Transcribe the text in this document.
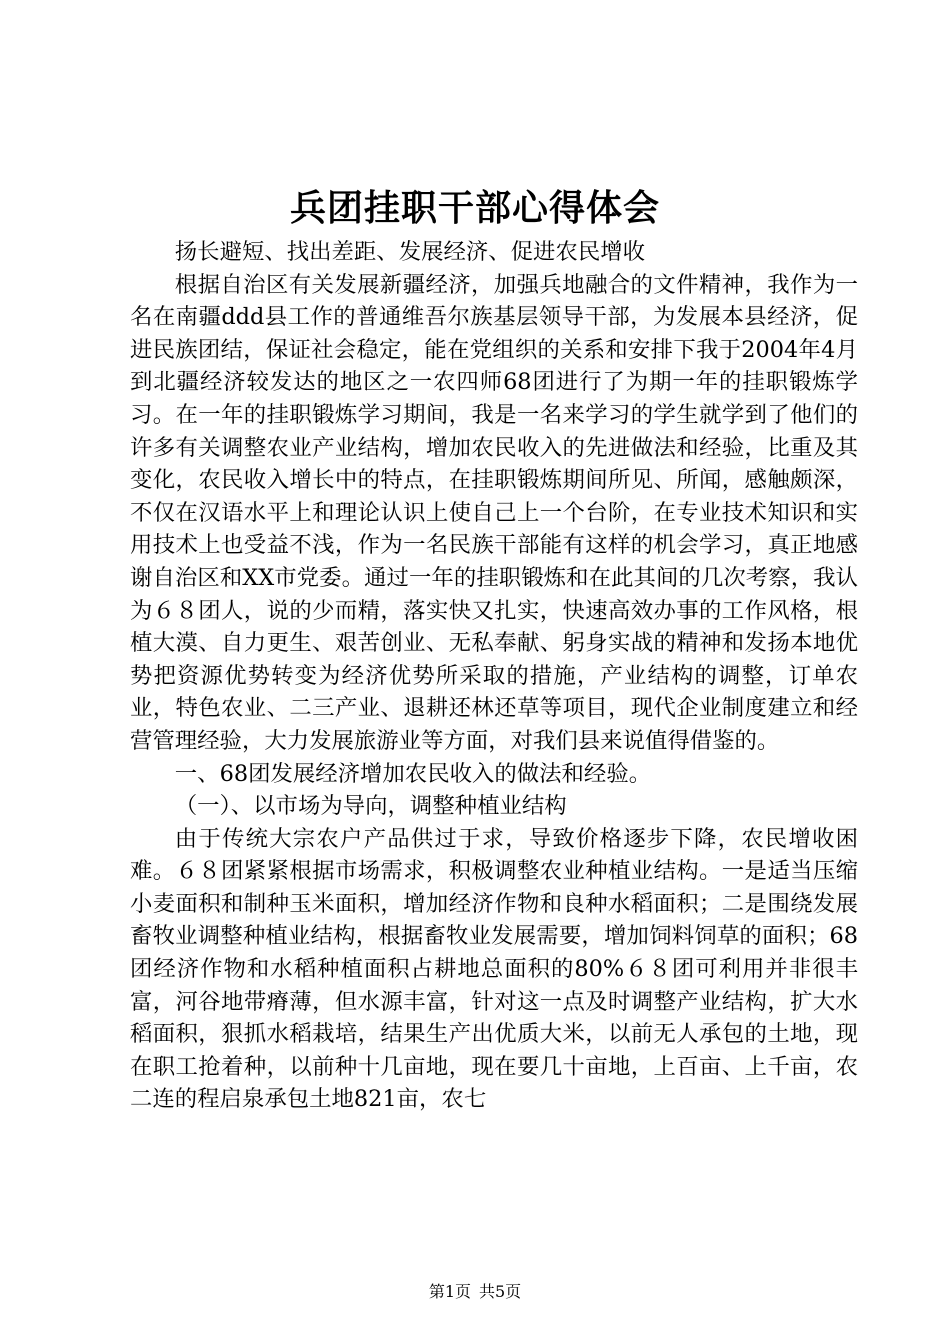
兵团挂职干部心得体会

扬长避短、找出差距、发展经济、促进农民增收

根据自治区有关发展新疆经济，加强兵地融合的文件精神，我作为一名在南疆ddd县工作的普通维吾尔族基层领导干部，为发展本县经济，促进民族团结，保证社会稳定，能在党组织的关系和安排下我于2004年4月到北疆经济较发达的地区之一农四师68团进行了为期一年的挂职锻炼学习。在一年的挂职锻炼学习期间，我是一名来学习的学生就学到了他们的许多有关调整农业产业结构，增加农民收入的先进做法和经验，比重及其变化，农民收入增长中的特点，在挂职锻炼期间所见、所闻，感触颇深，不仅在汉语水平上和理论认识上使自己上一个台阶，在专业技术知识和实用技术上也受益不浅，作为一名民族干部能有这样的机会学习，真正地感谢自治区和XX市党委。通过一年的挂职锻炼和在此其间的几次考察，我认为６８团人，说的少而精，落实快又扎实，快速高效办事的工作风格，根植大漠、自力更生、艰苦创业、无私奉献、躬身实战的精神和发扬本地优势把资源优势转变为经济优势所采取的措施，产业结构的调整，订单农业，特色农业、二三产业、退耕还林还草等项目，现代企业制度建立和经营管理经验，大力发展旅游业等方面，对我们县来说值得借鉴的。

一、68团发展经济增加农民收入的做法和经验。

（一）、以市场为导向，调整种植业结构

由于传统大宗农户产品供过于求，导致价格逐步下降，农民增收困难。６８团紧紧根据市场需求，积极调整农业种植业结构。一是适当压缩小麦面积和制种玉米面积，增加经济作物和良种水稻面积；二是围绕发展畜牧业调整种植业结构，根据畜牧业发展需要，增加饲料饲草的面积；68团经济作物和水稻种植面积占耕地总面积的80%６８团可利用并非很丰富，河谷地带瘠薄，但水源丰富，针对这一点及时调整产业结构，扩大水稻面积，狠抓水稻栽培，结果生产出优质大米，以前无人承包的土地，现在职工抢着种，以前种十几亩地，现在要几十亩地，上百亩、上千亩，农二连的程启泉承包土地821亩，农七

第1页 共5页
